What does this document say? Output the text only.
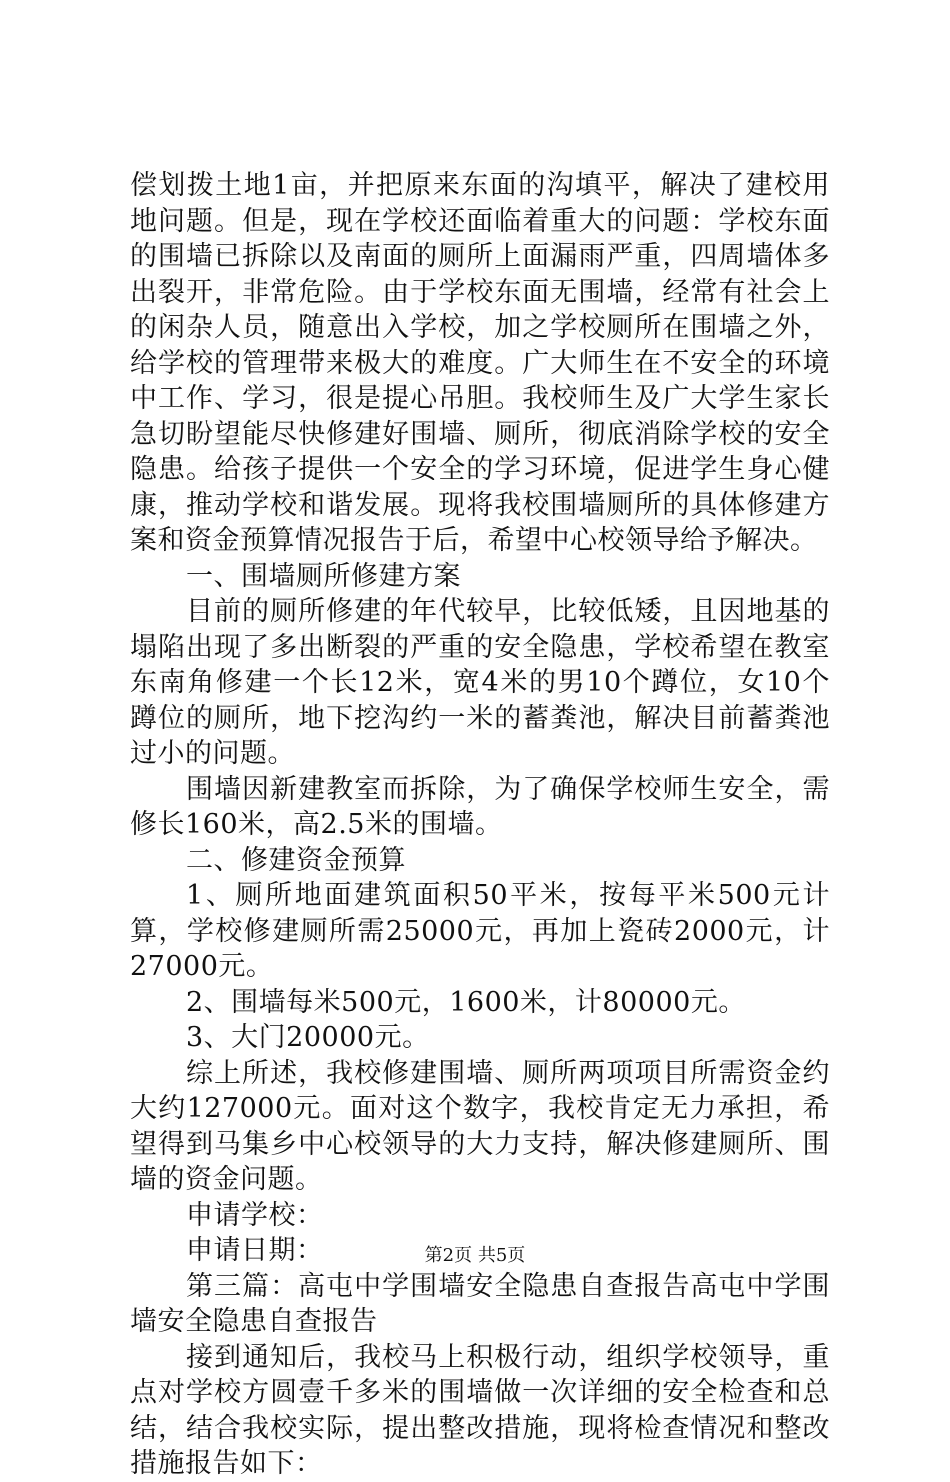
偿划拨土地1亩，并把原来东面的沟填平，解决了建校用地问题。但是，现在学校还面临着重大的问题：学校东面的围墙已拆除以及南面的厕所上面漏雨严重，四周墙体多出裂开，非常危险。由于学校东面无围墙，经常有社会上的闲杂人员，随意出入学校，加之学校厕所在围墙之外，给学校的管理带来极大的难度。广大师生在不安全的环境中工作、学习，很是提心吊胆。我校师生及广大学生家长急切盼望能尽快修建好围墙、厕所，彻底消除学校的安全隐患。给孩子提供一个安全的学习环境，促进学生身心健康，推动学校和谐发展。现将我校围墙厕所的具体修建方案和资金预算情况报告于后，希望中心校领导给予解决。

一、围墙厕所修建方案

目前的厕所修建的年代较早，比较低矮，且因地基的塌陷出现了多出断裂的严重的安全隐患，学校希望在教室东南角修建一个长12米，宽4米的男10个蹲位，女10个蹲位的厕所，地下挖沟约一米的蓄粪池，解决目前蓄粪池过小的问题。

围墙因新建教室而拆除，为了确保学校师生安全，需修长160米，高2.5米的围墙。

二、修建资金预算

1、厕所地面建筑面积50平米，按每平米500元计算，学校修建厕所需25000元，再加上瓷砖2000元，计27000元。

2、围墙每米500元，1600米，计80000元。

3、大门20000元。

综上所述，我校修建围墙、厕所两项项目所需资金约大约127000元。面对这个数字，我校肯定无力承担，希望得到马集乡中心校领导的大力支持，解决修建厕所、围墙的资金问题。

申请学校：

申请日期：

第三篇：高屯中学围墙安全隐患自查报告高屯中学围墙安全隐患自查报告

接到通知后，我校马上积极行动，组织学校领导，重点对学校方圆壹千多米的围墙做一次详细的安全检查和总结，结合我校实际，提出整改措施，现将检查情况和整改措施报告如下：

第2页 共5页
